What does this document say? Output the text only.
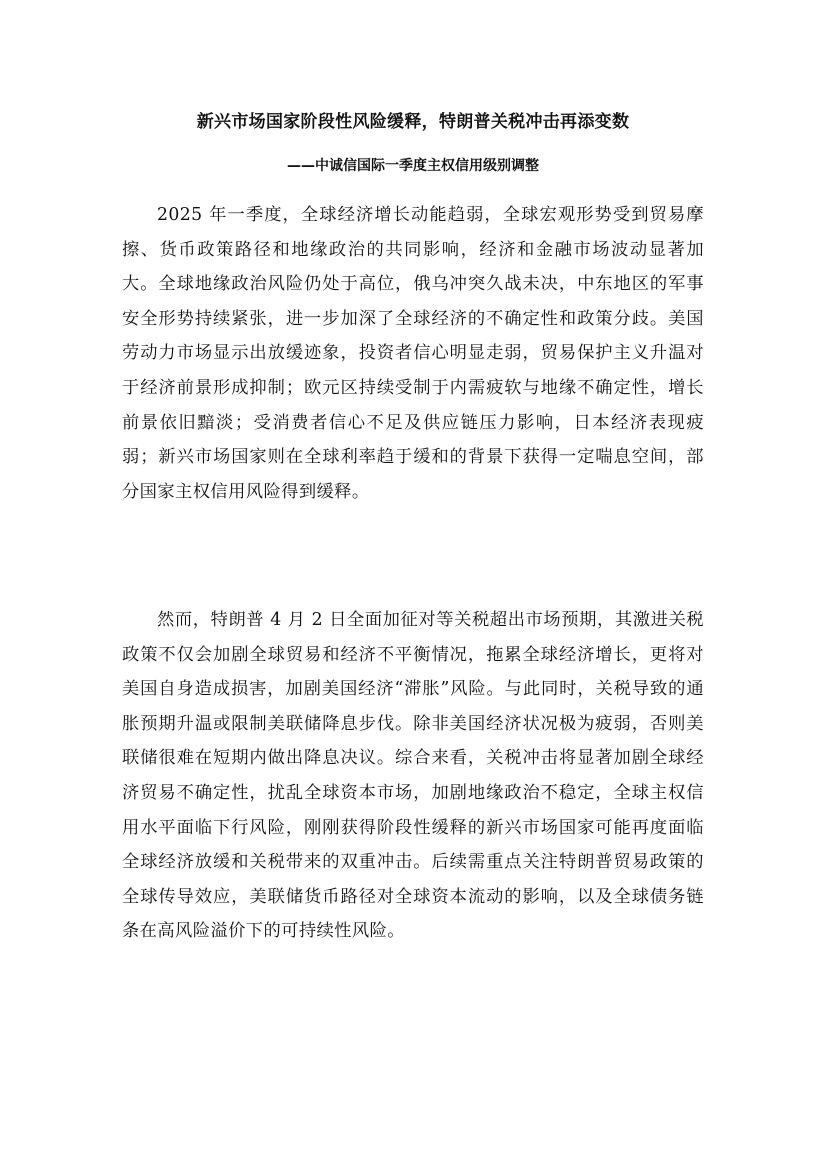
新兴市场国家阶段性风险缓释，特朗普关税冲击再添变数
——中诚信国际一季度主权信用级别调整

2025 年一季度，全球经济增长动能趋弱，全球宏观形势受到贸易摩擦、货币政策路径和地缘政治的共同影响，经济和金融市场波动显著加大。全球地缘政治风险仍处于高位，俄乌冲突久战未决，中东地区的军事安全形势持续紧张，进一步加深了全球经济的不确定性和政策分歧。美国劳动力市场显示出放缓迹象，投资者信心明显走弱，贸易保护主义升温对于经济前景形成抑制；欧元区持续受制于内需疲软与地缘不确定性，增长前景依旧黯淡；受消费者信心不足及供应链压力影响，日本经济表现疲弱；新兴市场国家则在全球利率趋于缓和的背景下获得一定喘息空间，部分国家主权信用风险得到缓释。

然而，特朗普 4 月 2 日全面加征对等关税超出市场预期，其激进关税政策不仅会加剧全球贸易和经济不平衡情况，拖累全球经济增长，更将对美国自身造成损害，加剧美国经济“滞胀”风险。与此同时，关税导致的通胀预期升温或限制美联储降息步伐。除非美国经济状况极为疲弱，否则美联储很难在短期内做出降息决议。综合来看，关税冲击将显著加剧全球经济贸易不确定性，扰乱全球资本市场，加剧地缘政治不稳定，全球主权信用水平面临下行风险，刚刚获得阶段性缓释的新兴市场国家可能再度面临全球经济放缓和关税带来的双重冲击。后续需重点关注特朗普贸易政策的全球传导效应，美联储货币路径对全球资本流动的影响，以及全球债务链条在高风险溢价下的可持续性风险。
